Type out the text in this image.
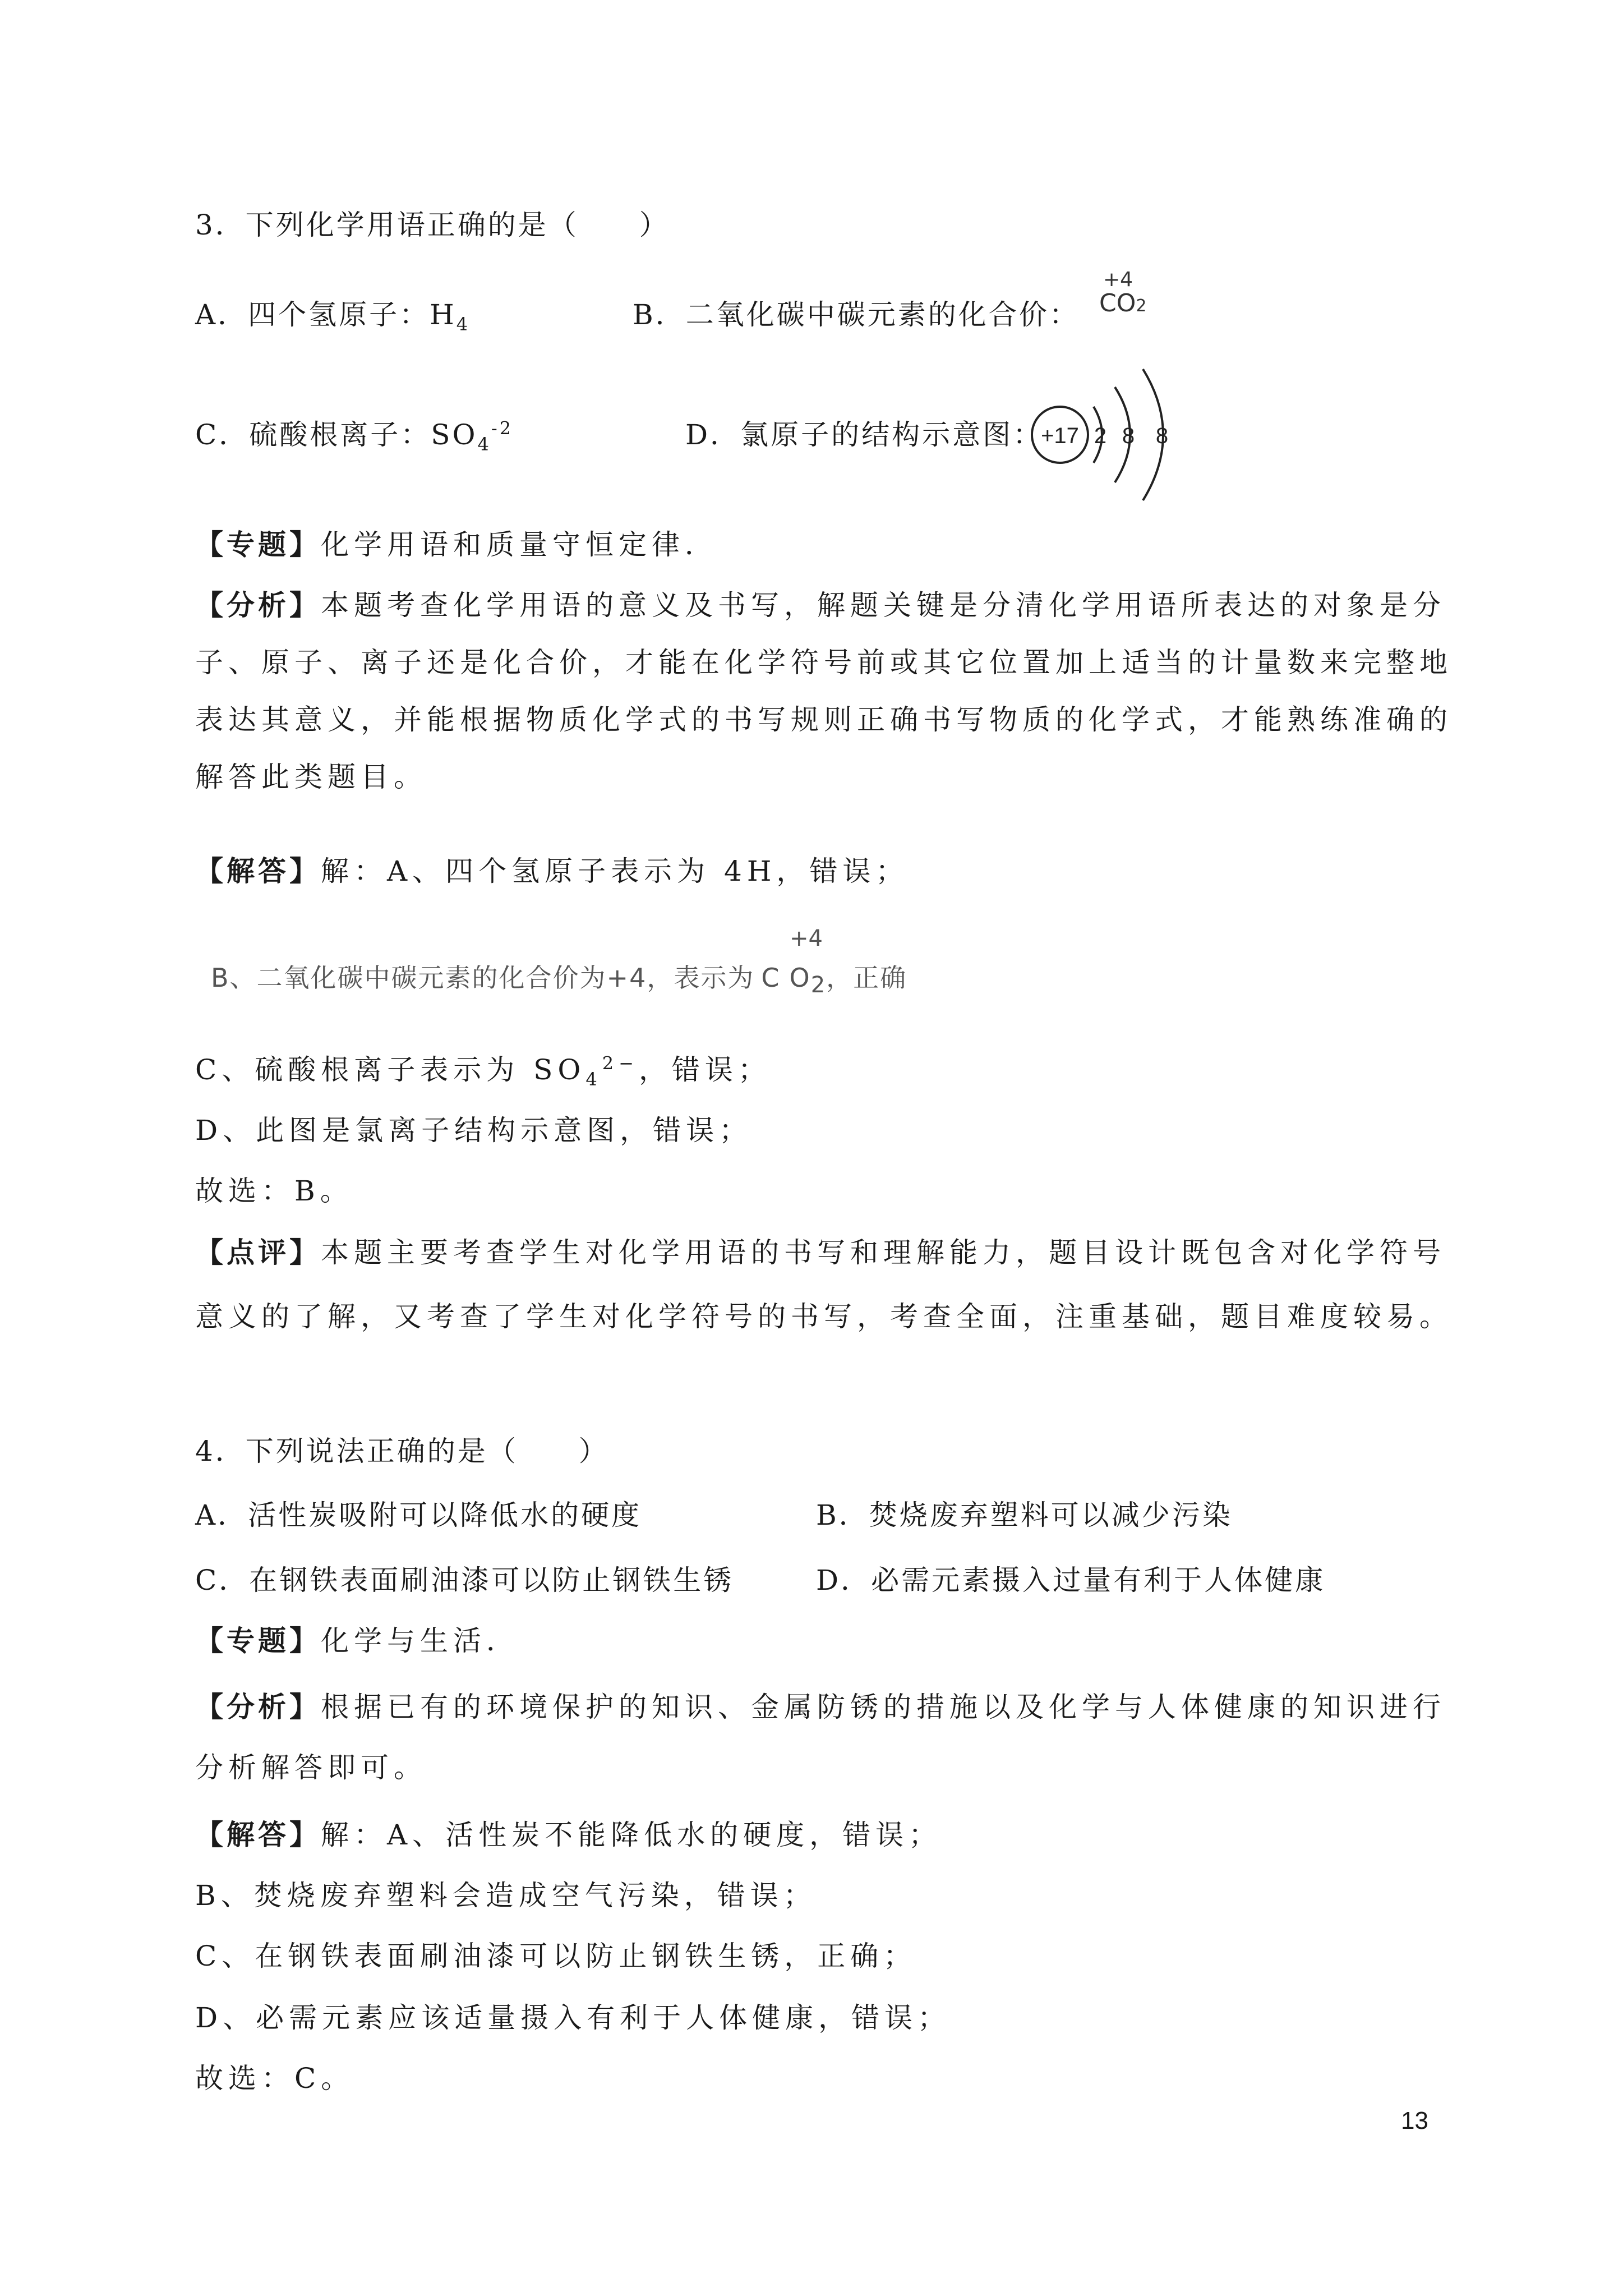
3．下列化学用语正确的是（　　）
A．四个氢原子：$H_4$	B．二氧化碳中碳元素的化合价：
+4
CO2
C．硫酸根离子：$SO_4^{-2}$	D．氯原子的结构示意图：
+17 2 8 8
【专题】化学用语和质量守恒定律．
【分析】本题考查化学用语的意义及书写，解题关键是分清化学用语所表达的对象是分
子、原子、离子还是化合价，才能在化学符号前或其它位置加上适当的计量数来完整地
表达其意义，并能根据物质化学式的书写规则正确书写物质的化学式，才能熟练准确的
解答此类题目。
【解答】解：A、四个氢原子表示为 4H，错误；
B、二氧化碳中碳元素的化合价为+4，表示为 $CO_2$，正确
+4
C、硫酸根离子表示为 $SO_4^{2-}$，错误；
D、此图是氯离子结构示意图，错误；
故选：B。
【点评】本题主要考查学生对化学用语的书写和理解能力，题目设计既包含对化学符号
意义的了解，又考查了学生对化学符号的书写，考查全面，注重基础，题目难度较易。
4．下列说法正确的是（　　）
A．活性炭吸附可以降低水的硬度	B．焚烧废弃塑料可以减少污染
C．在钢铁表面刷油漆可以防止钢铁生锈	D．必需元素摄入过量有利于人体健康
【专题】化学与生活．
【分析】根据已有的环境保护的知识、金属防锈的措施以及化学与人体健康的知识进行
分析解答即可。
【解答】解：A、活性炭不能降低水的硬度，错误；
B、焚烧废弃塑料会造成空气污染，错误；
C、在钢铁表面刷油漆可以防止钢铁生锈，正确；
D、必需元素应该适量摄入有利于人体健康，错误；
故选：C。
13
